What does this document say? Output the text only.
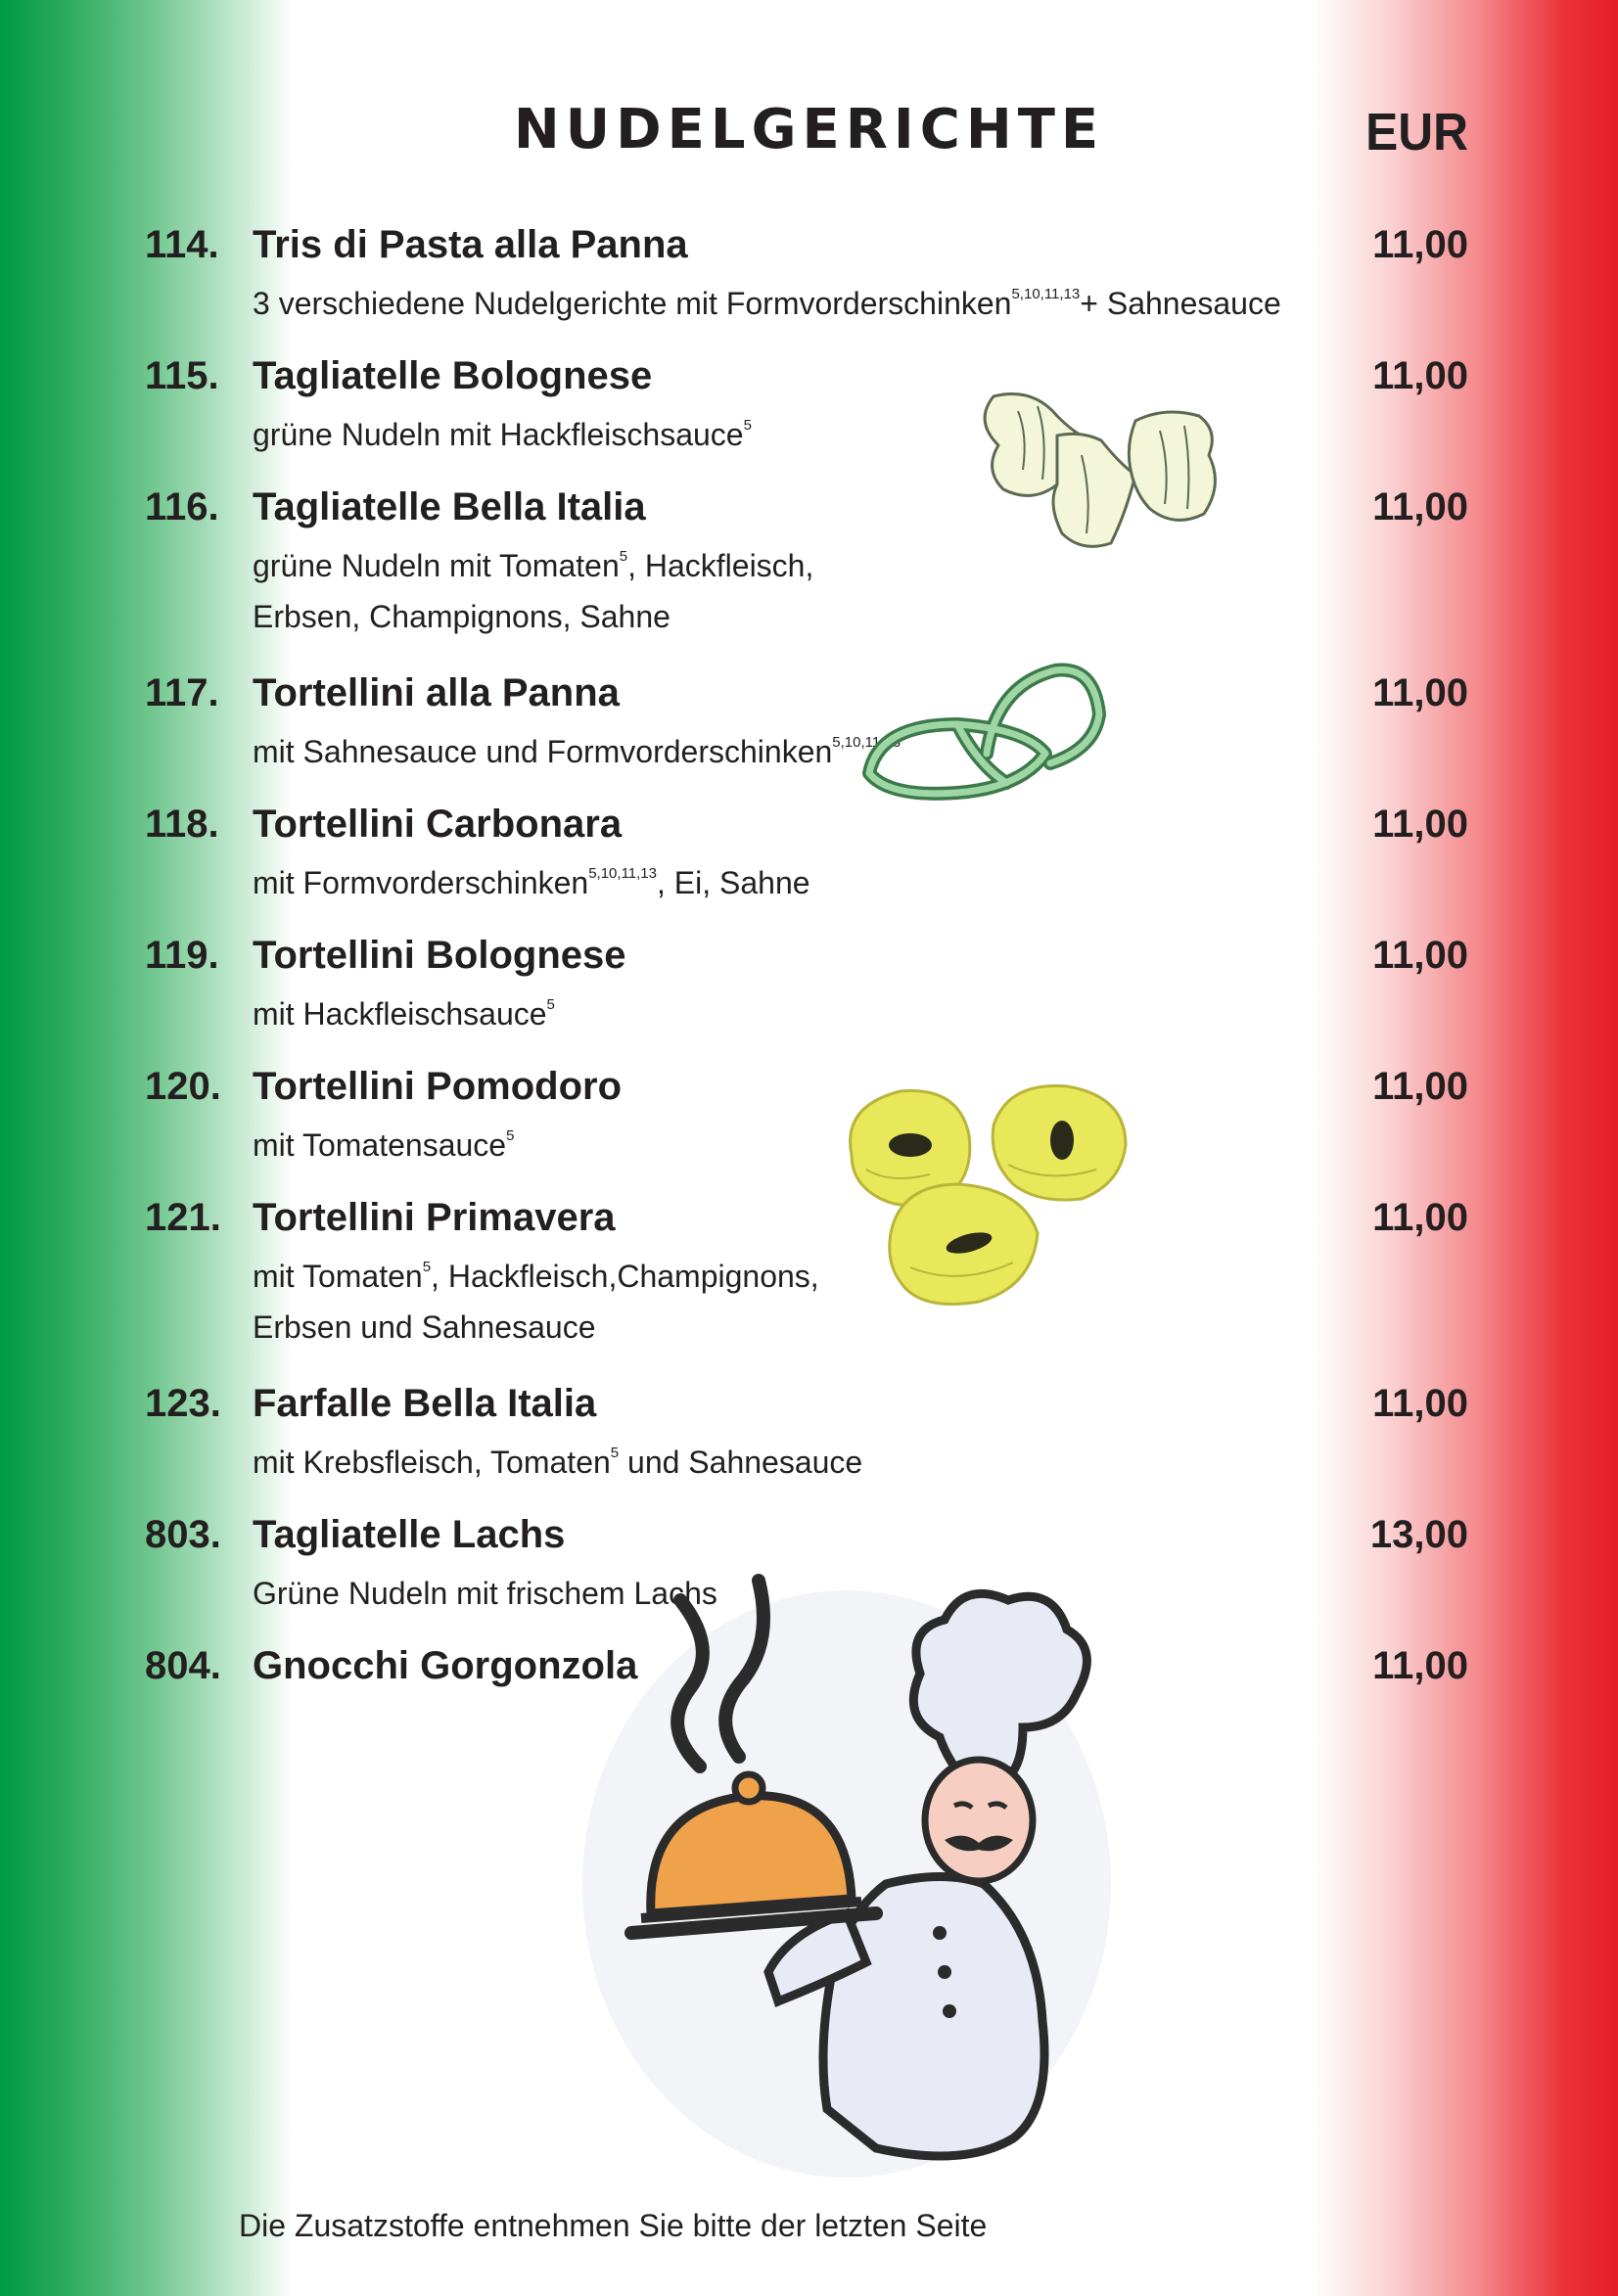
NUDELGERICHTE	EUR
114. Tris di Pasta alla Panna	11,00
3 verschiedene Nudelgerichte mit Formvorderschinken$^{5,10,11,13}$+ Sahnesauce
115. Tagliatelle Bolognese	11,00
grüne Nudeln mit Hackfleischsauce$^5$
116. Tagliatelle Bella Italia	11,00
grüne Nudeln mit Tomaten$^5$, Hackfleisch,
Erbsen, Champignons, Sahne
117. Tortellini alla Panna	11,00
mit Sahnesauce und Formvorderschinken$^{5,10,11,13}$
118. Tortellini Carbonara	11,00
mit Formvorderschinken$^{5,10,11,13}$, Ei, Sahne
119. Tortellini Bolognese	11,00
mit Hackfleischsauce$^5$
120. Tortellini Pomodoro	11,00
mit Tomatensauce$^5$
121. Tortellini Primavera	11,00
mit Tomaten$^5$, Hackfleisch,Champignons,
Erbsen und Sahnesauce
123. Farfalle Bella Italia	11,00
mit Krebsfleisch, Tomaten$^5$ und Sahnesauce
803. Tagliatelle Lachs	13,00
Grüne Nudeln mit frischem Lachs
804. Gnocchi Gorgonzola	11,00
Die Zusatzstoffe entnehmen Sie bitte der letzten Seite
